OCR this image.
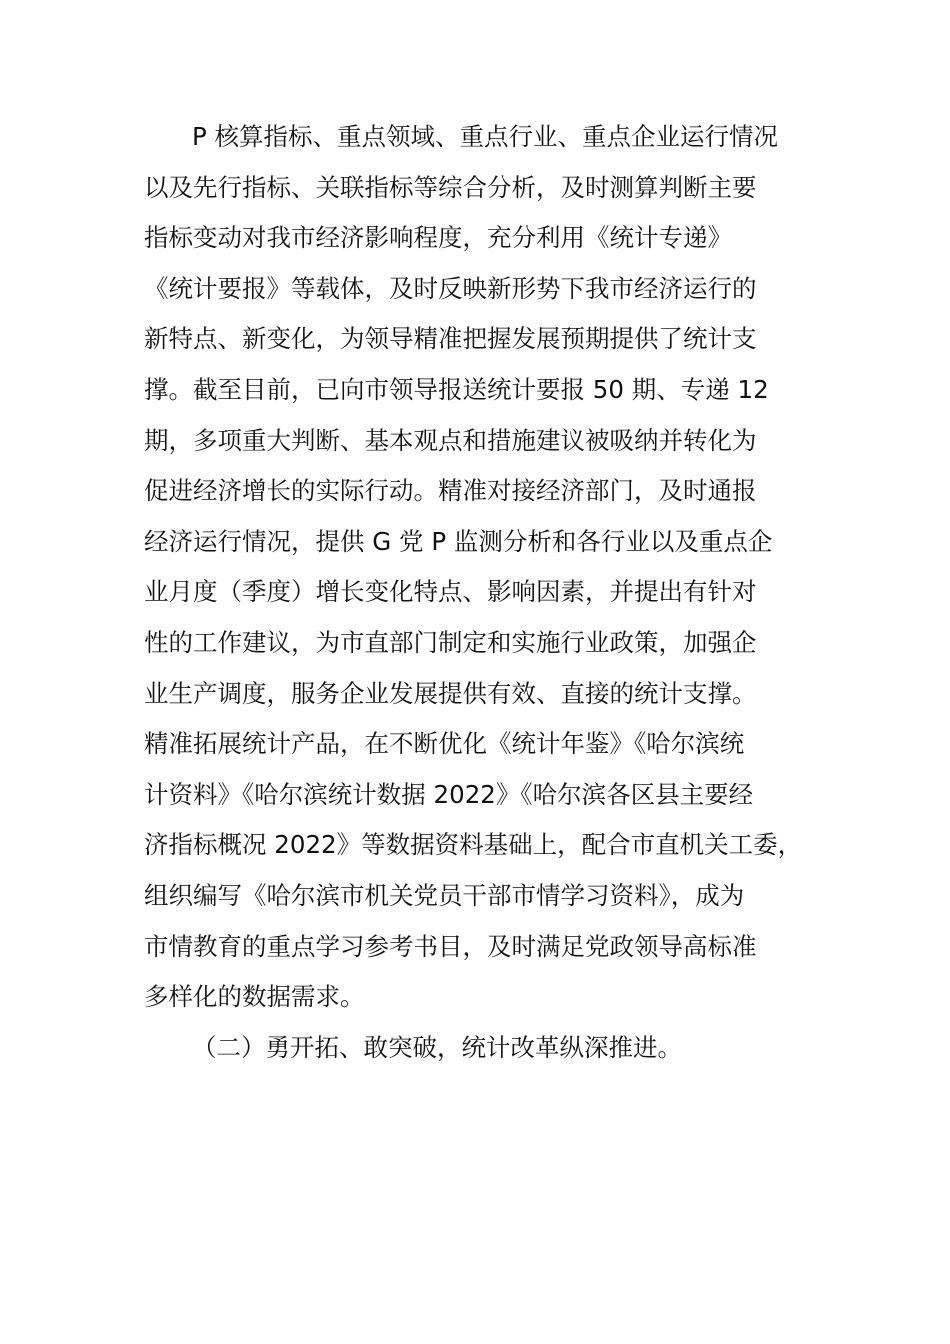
P 核算指标、重点领域、重点行业、重点企业运行情况
以及先行指标、关联指标等综合分析，及时测算判断主要
指标变动对我市经济影响程度，充分利用《统计专递》
《统计要报》等载体，及时反映新形势下我市经济运行的
新特点、新变化，为领导精准把握发展预期提供了统计支
撑。截至目前，已向市领导报送统计要报 50 期、专递 12
期，多项重大判断、基本观点和措施建议被吸纳并转化为
促进经济增长的实际行动。精准对接经济部门，及时通报
经济运行情况，提供 G 党 P 监测分析和各行业以及重点企
业月度（季度）增长变化特点、影响因素，并提出有针对
性的工作建议，为市直部门制定和实施行业政策，加强企
业生产调度，服务企业发展提供有效、直接的统计支撑。
精准拓展统计产品，在不断优化《统计年鉴》《哈尔滨统
计资料》《哈尔滨统计数据 2022》《哈尔滨各区县主要经
济指标概况 2022》等数据资料基础上，配合市直机关工委，
组织编写《哈尔滨市机关党员干部市情学习资料》，成为
市情教育的重点学习参考书目，及时满足党政领导高标准
多样化的数据需求。
（二）勇开拓、敢突破，统计改革纵深推进。
